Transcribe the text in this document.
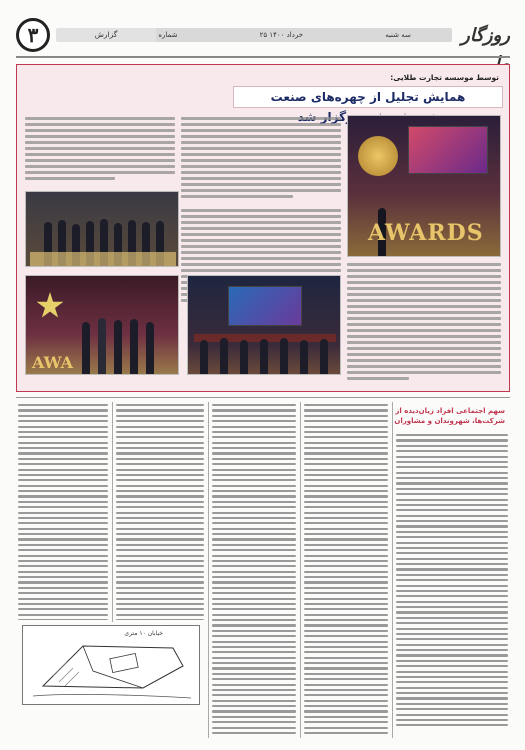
روزگار
سه شنبه
۲۵ خرداد ۱۴۰۰
شماره
گزارش
۳
توسط موسسه تجارت طلایی:
همایش تجلیل از چهره‌های صنعت
AWARDS
AWA
سهم اجتماعی افراد زیان‌دیده از شرکت‌ها، شهروندان و مشاوران
خیابان ۱۰ متری
